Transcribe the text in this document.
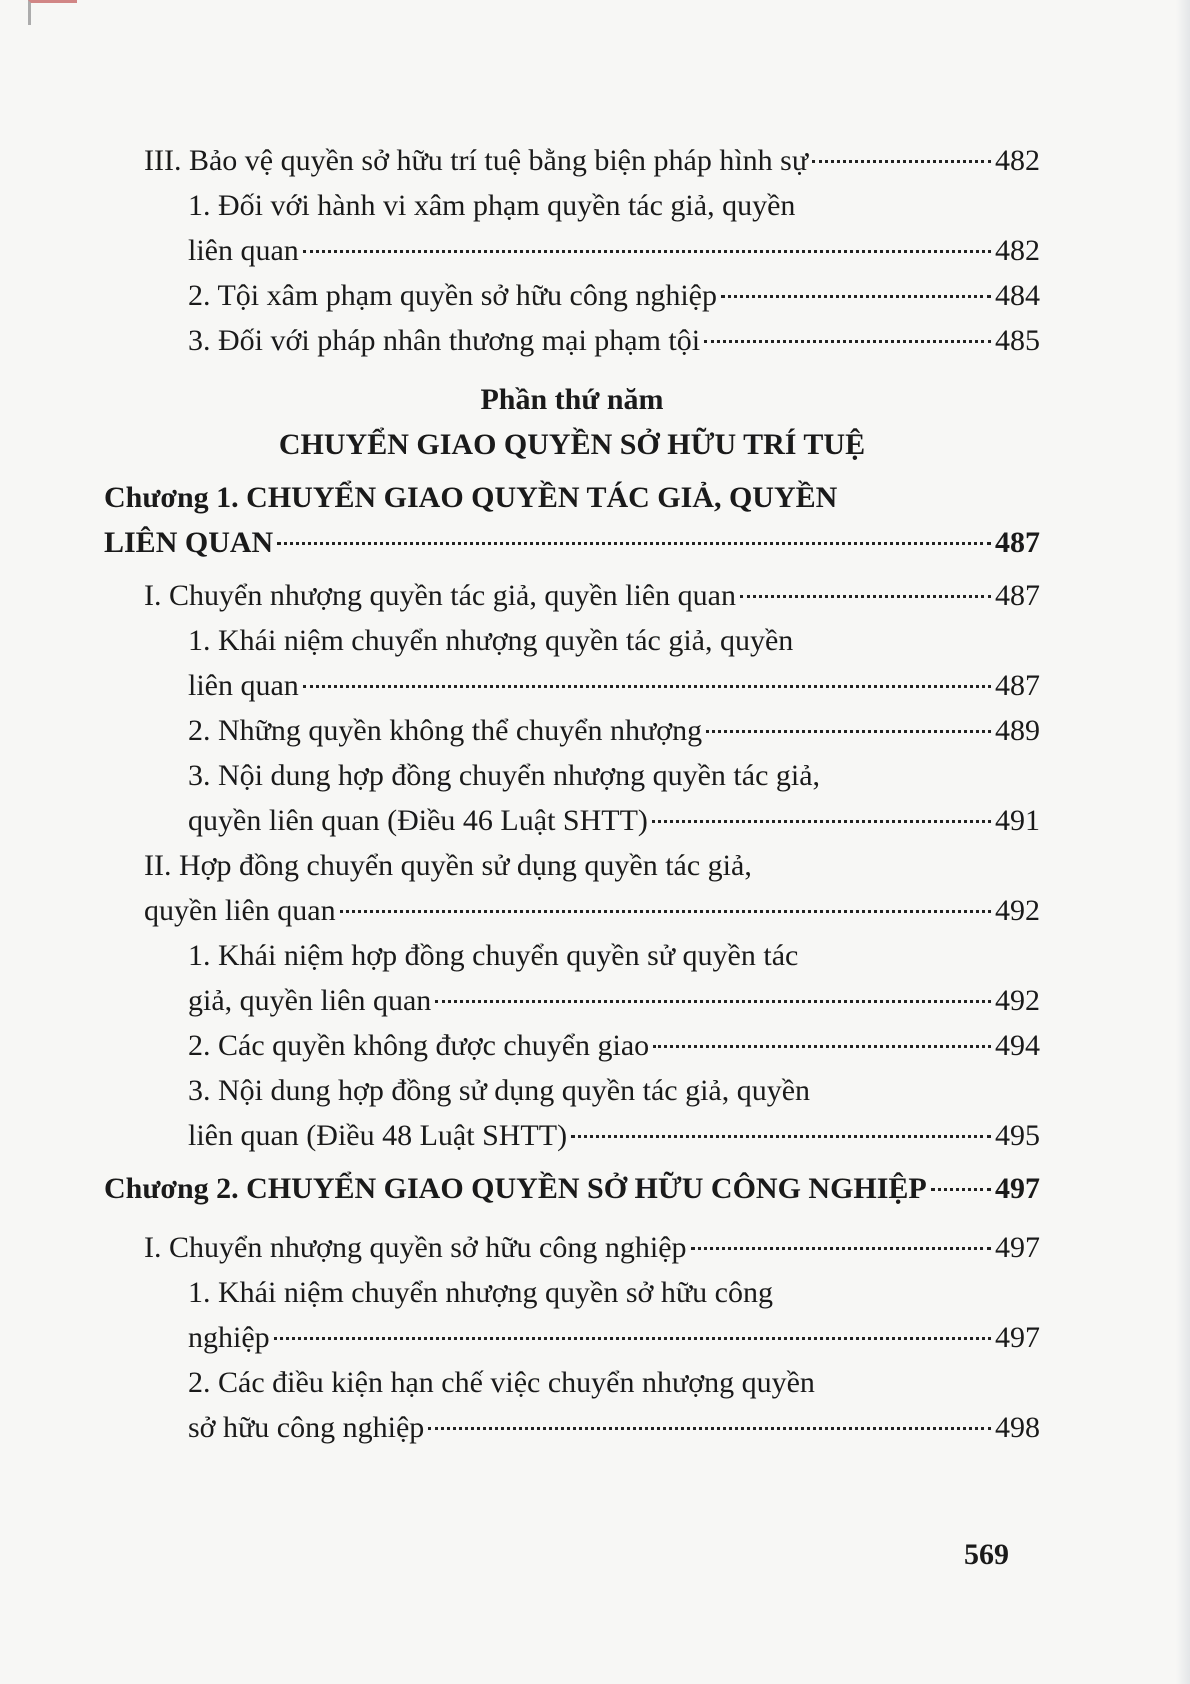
III. Bảo vệ quyền sở hữu trí tuệ bằng biện pháp hình sự	482
1. Đối với hành vi xâm phạm quyền tác giả, quyền
liên quan	482
2. Tội xâm phạm quyền sở hữu công nghiệp	484
3. Đối với pháp nhân thương mại phạm tội	485
Phần thứ năm
CHUYỂN GIAO QUYỀN SỞ HỮU TRÍ TUỆ
Chương 1. CHUYỂN GIAO QUYỀN TÁC GIẢ, QUYỀN
LIÊN QUAN	487
I. Chuyển nhượng quyền tác giả, quyền liên quan	487
1. Khái niệm chuyển nhượng quyền tác giả, quyền
liên quan	487
2. Những quyền không thể chuyển nhượng	489
3. Nội dung hợp đồng chuyển nhượng quyền tác giả,
quyền liên quan (Điều 46 Luật SHTT)	491
II. Hợp đồng chuyển quyền sử dụng quyền tác giả,
quyền liên quan	492
1. Khái niệm hợp đồng chuyển quyền sử quyền tác
giả, quyền liên quan	492
2. Các quyền không được chuyển giao	494
3. Nội dung hợp đồng sử dụng quyền tác giả, quyền
liên quan (Điều 48 Luật SHTT)	495
Chương 2. CHUYỂN GIAO QUYỀN SỞ HỮU CÔNG NGHIỆP 497
I. Chuyển nhượng quyền sở hữu công nghiệp	497
1. Khái niệm chuyển nhượng quyền sở hữu công
nghiệp	497
2. Các điều kiện hạn chế việc chuyển nhượng quyền
sở hữu công nghiệp	498
569
